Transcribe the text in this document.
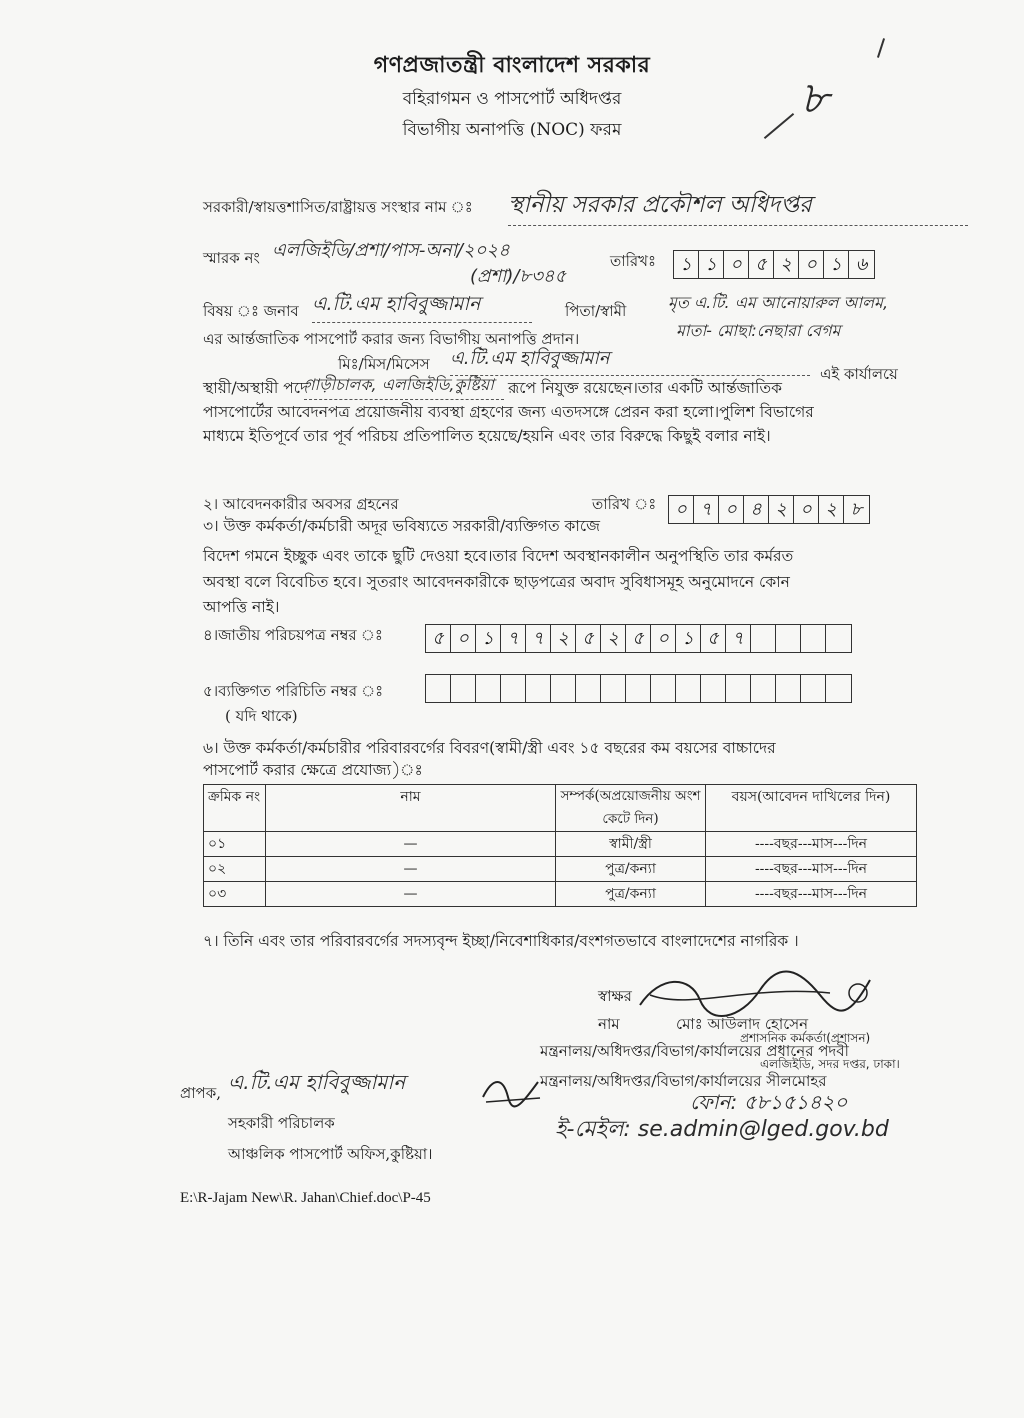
গণপ্রজাতন্ত্রী বাংলাদেশ সরকার
বহিরাগমন ও পাসপোর্ট অধিদপ্তর
বিভাগীয় অনাপত্তি (NOC) ফরম
৮
সরকারী/স্বায়ত্তশাসিত/রাষ্ট্রায়ত্ত সংস্থার নাম ঃ স্থানীয় সরকার প্রকৌশল অধিদপ্তর
স্মারক নং এলজিইডি/প্রশা/পাস-অনা/২০২৪
(প্রশা)/৮৩৪৫
তারিখঃ	১ ১ ০ ৫ ২ ০ ১ ৬
বিষয় ঃ জনাব এ.টি.এম হাবিবুজ্জামান	পিতা/স্বামী	মৃত এ.টি. এম আনোয়ারুল আলম,
মাতা- মোছা:নেছারা বেগম
এর আর্ন্তজাতিক পাসপোর্ট করার জন্য বিভাগীয় অনাপত্তি প্রদান।
মিঃ/মিস/মিসেস এ.টি.এম হাবিবুজ্জামান
এই কার্যালয়ে
স্থায়ী/অস্থায়ী পদে
গাড়ীচালক, এলজিইডি,কুষ্টিয়া রূপে নিযুক্ত রয়েছেন।তার একটি আর্ন্তজাতিক
পাসপোর্টের আবেদনপত্র প্রয়োজনীয় ব্যবস্থা গ্রহণের জন্য এতদসঙ্গে প্রেরন করা হলো।পুলিশ বিভাগের
মাধ্যমে ইতিপূর্বে তার পূর্ব পরিচয় প্রতিপালিত হয়েছে/হয়নি এবং তার বিরুদ্ধে কিছুই বলার নাই।
২। আবেদনকারীর অবসর গ্রহনের	তারিখ ঃ	০ ৭ ০ ৪ ২ ০ ২ ৮
৩। উক্ত কর্মকর্তা/কর্মচারী অদূর ভবিষ্যতে সরকারী/ব্যক্তিগত কাজে
বিদেশ গমনে ইচ্ছুক এবং তাকে ছুটি দেওয়া হবে।তার বিদেশ অবস্থানকালীন অনুপস্থিতি তার কর্মরত
অবস্থা বলে বিবেচিত হবে। সুতরাং আবেদনকারীকে ছাড়পত্রের অবাদ সুবিধাসমূহ অনুমোদনে কোন
আপত্তি নাই।
৪।জাতীয় পরিচয়পত্র নম্বর ঃ	৫ ০ ১ ৭ ৭ ২ ৫ ২ ৫ ০ ১ ৫ ৭
৫।ব্যক্তিগত পরিচিতি নম্বর ঃ
( যদি থাকে)
৬। উক্ত কর্মকর্তা/কর্মচারীর পরিবারবর্গের বিবরণ(স্বামী/স্ত্রী এবং ১৫ বছরের কম বয়সের বাচ্চাদের
পাসপোর্ট করার ক্ষেত্রে প্রযোজ্য)ঃ
ক্রমিক নং	নাম	সম্পর্ক(অপ্রয়োজনীয় অংশ কেটে দিন)	বয়স(আবেদন দাখিলের দিন)
০১	—	স্বামী/স্ত্রী	----বছর---মাস---দিন
০২	—	পুত্র/কন্যা	----বছর---মাস---দিন
০৩	—	পুত্র/কন্যা	----বছর---মাস---দিন
৭। তিনি এবং তার পরিবারবর্গের সদস্যবৃন্দ ইচ্ছা/নিবেশাধিকার/বংশগতভাবে বাংলাদেশের নাগরিক ।
স্বাক্ষর
নাম	মোঃ আউলাদ হোসেন
প্রশাসনিক কর্মকর্তা(প্রশাসন)
মন্ত্রনালয়/অধিদপ্তর/বিভাগ/কার্যালয়ের প্রধানের পদবী
এলজিইডি, সদর দপ্তর, ঢাকা।
মন্ত্রনালয়/অধিদপ্তর/বিভাগ/কার্যালয়ের সীলমোহর
ফোন: ৫৮১৫১৪২০
ই-মেইল: se.admin@lged.gov.bd
প্রাপক, এ.টি.এম হাবিবুজ্জামান
সহকারী পরিচালক
আঞ্চলিক পাসপোর্ট অফিস,কুষ্টিয়া।
E:\R-Jajam New\R. Jahan\Chief.doc\P-45
